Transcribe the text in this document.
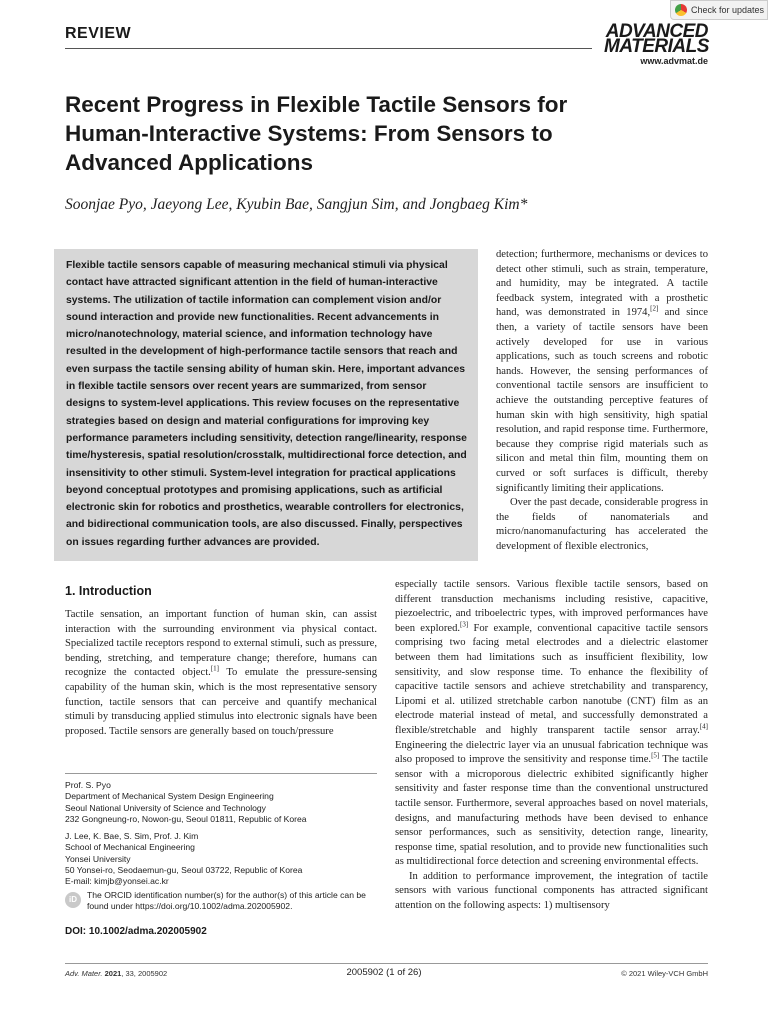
Check for updates
REVIEW	ADVANCED
MATERIALS
www.advmat.de
Recent Progress in Flexible Tactile Sensors for Human-Interactive Systems: From Sensors to Advanced Applications
Soonjae Pyo, Jaeyong Lee, Kyubin Bae, Sangjun Sim, and Jongbaeg Kim*
Flexible tactile sensors capable of measuring mechanical stimuli via physical contact have attracted significant attention in the field of human-interactive systems. The utilization of tactile information can complement vision and/or sound interaction and provide new functionalities. Recent advancements in micro/nanotechnology, material science, and information technology have resulted in the development of high-performance tactile sensors that reach and even surpass the tactile sensing ability of human skin. Here, important advances in flexible tactile sensors over recent years are summarized, from sensor designs to system-level applications. This review focuses on the representative strategies based on design and material configurations for improving key performance parameters including sensitivity, detection range/linearity, response time/hysteresis, spatial resolution/crosstalk, multidirectional force detection, and insensitivity to other stimuli. System-level integration for practical applications beyond conceptual prototypes and promising applications, such as artificial electronic skin for robotics and prosthetics, wearable controllers for electronics, and bidirectional communication tools, are also discussed. Finally, perspectives on issues regarding further advances are provided.
detection; furthermore, mechanisms or devices to detect other stimuli, such as strain, temperature, and humidity, may be integrated. A tactile feedback system, integrated with a prosthetic hand, was demonstrated in 1974,[2] and since then, a variety of tactile sensors have been actively developed for use in various applications, such as touch screens and robotic hands. However, the sensing performances of conventional tactile sensors are insufficient to achieve the outstanding perceptive features of human skin with high sensitivity, high spatial resolution, and rapid response time. Furthermore, because they comprise rigid materials such as silicon and metal thin film, mounting them on curved or soft surfaces is difficult, thereby significantly limiting their applications.
Over the past decade, considerable progress in the fields of nanomaterials and micro/nanomanufacturing has accelerated the development of flexible electronics,
1. Introduction
Tactile sensation, an important function of human skin, can assist interaction with the surrounding environment via physical contact. Specialized tactile receptors respond to external stimuli, such as pressure, bending, stretching, and temperature change; therefore, humans can recognize the contacted object.[1] To emulate the pressure-sensing capability of the human skin, which is the most representative sensory function, tactile sensors that can perceive and quantify mechanical stimuli by transducing applied stimulus into electronic signals have been proposed. Tactile sensors are generally based on touch/pressure
especially tactile sensors. Various flexible tactile sensors, based on different transduction mechanisms including resistive, capacitive, piezoelectric, and triboelectric types, with improved performances have been explored.[3] For example, conventional capacitive tactile sensors comprising two facing metal electrodes and a dielectric elastomer between them had limitations such as insufficient flexibility, low sensitivity, and slow response time. To enhance the flexibility of capacitive tactile sensors and achieve stretchability and transparency, Lipomi et al. utilized stretchable carbon nanotube (CNT) film as an electrode material instead of metal, and successfully demonstrated a flexible/stretchable and highly transparent tactile sensor array.[4] Engineering the dielectric layer via an unusual fabrication technique was also proposed to improve the sensitivity and response time.[5] The tactile sensor with a microporous dielectric exhibited significantly higher sensitivity and faster response time than the conventional unstructured tactile sensor. Furthermore, several approaches based on novel materials, designs, and manufacturing methods have been devised to enhance sensor performances, such as sensitivity, detection range, linearity, response time, spatial resolution, and to provide new functionalities such as multidirectional force detection and screening environmental effects.
In addition to performance improvement, the integration of tactile sensors with various functional components has attracted significant attention on the following aspects: 1) multisensory

Prof. S. Pyo
Department of Mechanical System Design Engineering
Seoul National University of Science and Technology
232 Gongneung-ro, Nowon-gu, Seoul 01811, Republic of Korea

J. Lee, K. Bae, S. Sim, Prof. J. Kim
School of Mechanical Engineering
Yonsei University
50 Yonsei-ro, Seodaemun-gu, Seoul 03722, Republic of Korea
E-mail: kimjb@yonsei.ac.kr

iD	The ORCID identification number(s) for the author(s) of this article can be found under https://doi.org/10.1002/adma.202005902.
DOI: 10.1002/adma.202005902
Adv. Mater. 2021, 33, 2005902	2005902 (1 of 26)	© 2021 Wiley-VCH GmbH
